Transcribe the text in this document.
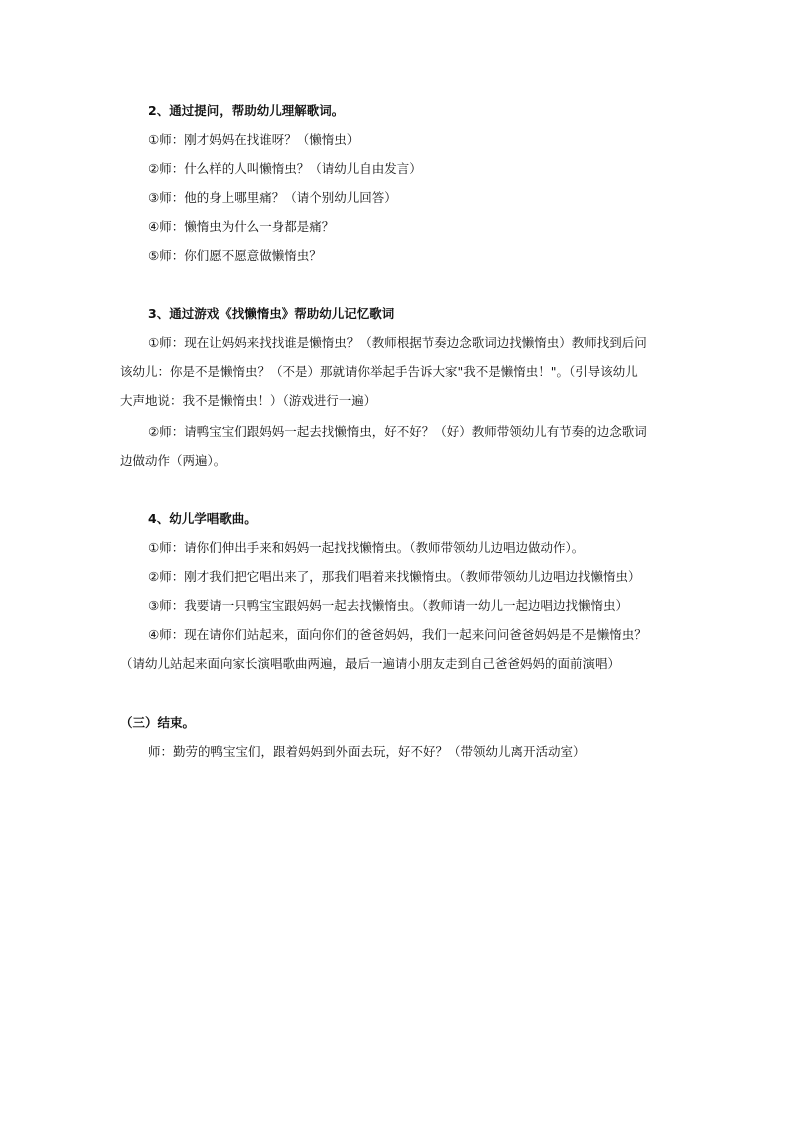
2、通过提问，帮助幼儿理解歌词。
①师：刚才妈妈在找谁呀？（懒惰虫）
②师：什么样的人叫懒惰虫？（请幼儿自由发言）
③师：他的身上哪里痛？（请个别幼儿回答）
④师：懒惰虫为什么一身都是痛？
⑤师：你们愿不愿意做懒惰虫？
3、通过游戏《找懒惰虫》帮助幼儿记忆歌词
①师：现在让妈妈来找找谁是懒惰虫？（教师根据节奏边念歌词边找懒惰虫）教师找到后问
该幼儿：你是不是懒惰虫？（不是）那就请你举起手告诉大家"我不是懒惰虫！"。（引导该幼儿
大声地说：我不是懒惰虫！）（游戏进行一遍）
②师：请鸭宝宝们跟妈妈一起去找懒惰虫，好不好？（好）教师带领幼儿有节奏的边念歌词
边做动作（两遍）。
4、幼儿学唱歌曲。
①师：请你们伸出手来和妈妈一起找找懒惰虫。（教师带领幼儿边唱边做动作）。
②师：刚才我们把它唱出来了，那我们唱着来找懒惰虫。（教师带领幼儿边唱边找懒惰虫）
③师：我要请一只鸭宝宝跟妈妈一起去找懒惰虫。（教师请一幼儿一起边唱边找懒惰虫）
④师：现在请你们站起来，面向你们的爸爸妈妈，我们一起来问问爸爸妈妈是不是懒惰虫？
（请幼儿站起来面向家长演唱歌曲两遍，最后一遍请小朋友走到自己爸爸妈妈的面前演唱）
（三）结束。
师：勤劳的鸭宝宝们，跟着妈妈到外面去玩，好不好？（带领幼儿离开活动室）
